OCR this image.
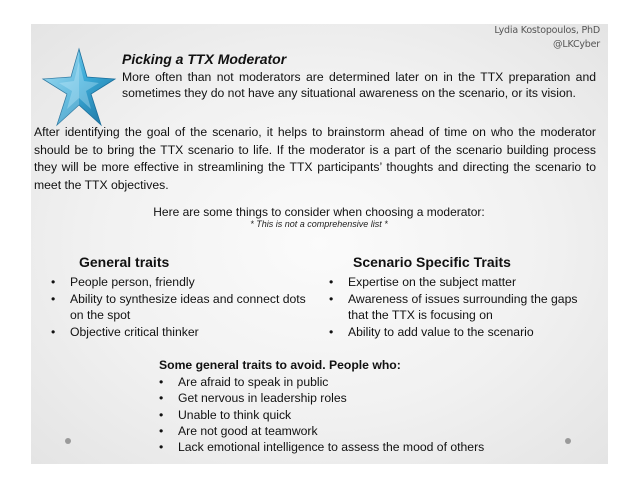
Lydia Kostopoulos, PhD
@LKCyber
Picking a TTX Moderator
More often than not moderators are determined later on in the TTX preparation and sometimes they do not have any situational awareness on the scenario, or its vision.
After identifying the goal of the scenario, it helps to brainstorm ahead of time on who the moderator should be to bring the TTX scenario to life. If the moderator is a part of the scenario building process they will be more effective in streamlining the TTX participants’ thoughts and directing the scenario to meet the TTX objectives.
Here are some things to consider when choosing a moderator:
* This is not a comprehensive list *
General traits	Scenario Specific Traits
• People person, friendly
• Ability to synthesize ideas and connect dots on the spot
• Objective critical thinker
• Expertise on the subject matter
• Awareness of issues surrounding the gaps that the TTX is focusing on
• Ability to add value to the scenario
Some general traits to avoid. People who:
• Are afraid to speak in public
• Get nervous in leadership roles
• Unable to think quick
• Are not good at teamwork
• Lack emotional intelligence to assess the mood of others
